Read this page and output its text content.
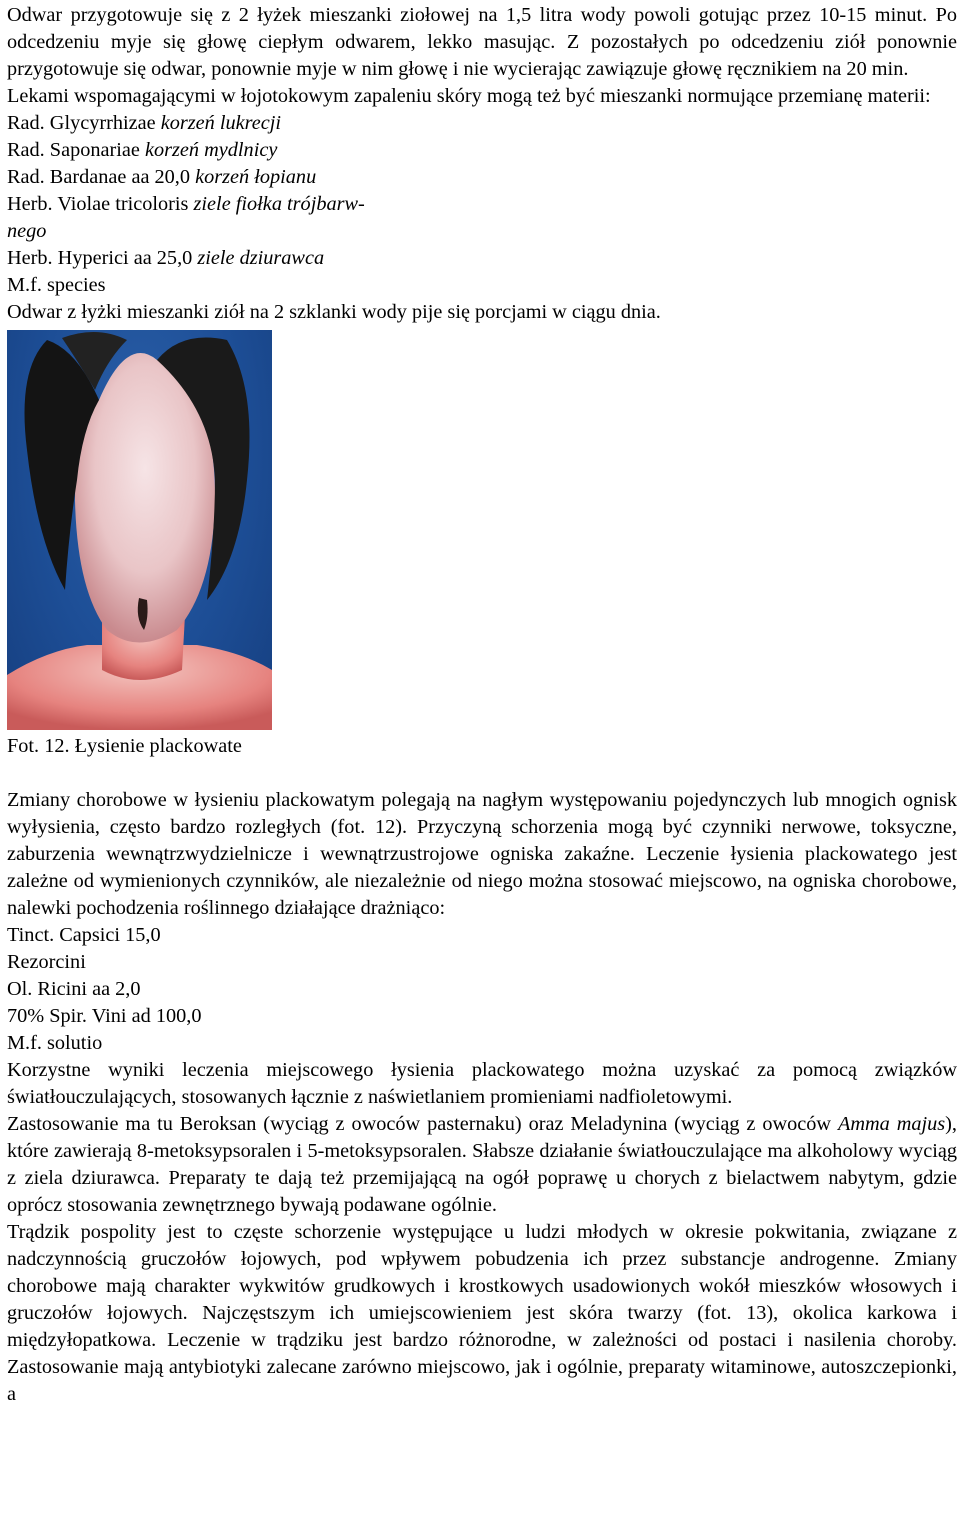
Odwar przygotowuje się z 2 łyżek mieszanki ziołowej na 1,5 litra wody powoli gotując przez 10-15 minut. Po odcedzeniu myje się głowę ciepłym odwarem, lekko masując. Z pozostałych po odcedzeniu ziół ponownie przygotowuje się odwar, ponownie myje w nim głowę i nie wycierając zawiązuje głowę ręcznikiem na 20 min.

Lekami wspomagającymi w łojotokowym zapaleniu skóry mogą też być mieszanki normujące przemianę materii:

Rad. Glycyrrhizae korzeń lukrecji

Rad. Saponariae korzeń mydlnicy

Rad. Bardanae aa 20,0 korzeń łopianu

Herb. Violae tricoloris ziele fiołka trójbarw-

nego

Herb. Hyperici aa 25,0 ziele dziurawca

M.f. species

Odwar z łyżki mieszanki ziół na 2 szklanki wody pije się porcjami w ciągu dnia.

Fot. 12. Łysienie plackowate

Zmiany chorobowe w łysieniu plackowatym polegają na nagłym występowaniu pojedynczych lub mnogich ognisk wyłysienia, często bardzo rozległych (fot. 12). Przyczyną schorzenia mogą być czynniki nerwowe, toksyczne, zaburzenia wewnątrzwydzielnicze i wewnątrzustrojowe ogniska zakaźne. Leczenie łysienia plackowatego jest zależne od wymienionych czynników, ale niezależnie od niego można stosować miejscowo, na ogniska chorobowe, nalewki pochodzenia roślinnego działające drażniąco:

Tinct. Capsici 15,0

Rezorcini

Ol. Ricini aa 2,0

70% Spir. Vini ad 100,0

M.f. solutio

Korzystne wyniki leczenia miejscowego łysienia plackowatego można uzyskać za pomocą związków światłouczulających, stosowanych łącznie z naświetlaniem promieniami nadfioletowymi.

Zastosowanie ma tu Beroksan (wyciąg z owoców pasternaku) oraz Meladynina (wyciąg z owoców Amma majus), które zawierają 8-metoksypsoralen i 5-metoksypsoralen. Słabsze działanie światłouczulające ma alkoholowy wyciąg z ziela dziurawca. Preparaty te dają też przemijającą na ogół poprawę u chorych z bielactwem nabytym, gdzie oprócz stosowania zewnętrznego bywają podawane ogólnie.

Trądzik pospolity jest to częste schorzenie występujące u ludzi młodych w okresie pokwitania, związane z nadczynnością gruczołów łojowych, pod wpływem pobudzenia ich przez substancje androgenne. Zmiany chorobowe mają charakter wykwitów grudkowych i krostkowych usadowionych wokół mieszków włosowych i gruczołów łojowych. Najczęstszym ich umiejscowieniem jest skóra twarzy (fot. 13), okolica karkowa i międzyłopatkowa. Leczenie w trądziku jest bardzo różnorodne, w zależności od postaci i nasilenia choroby. Zastosowanie mają antybiotyki zalecane zarówno miejscowo, jak i ogólnie, preparaty witaminowe, autoszczepionki, a
